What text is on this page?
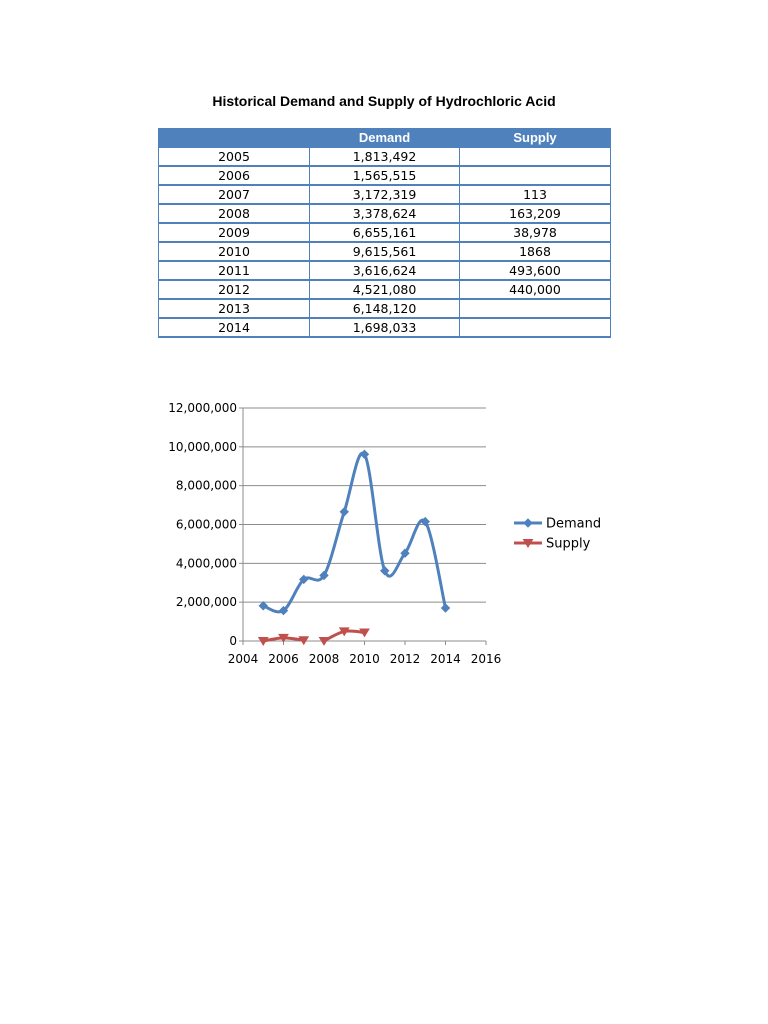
Historical Demand and Supply of Hydrochloric Acid
	Demand	Supply
2005	1,813,492	
2006	1,565,515	
2007	3,172,319	113
2008	3,378,624	163,209
2009	6,655,161	38,978
2010	9,615,561	1868
2011	3,616,624	493,600
2012	4,521,080	440,000
2013	6,148,120	
2014	1,698,033	
0
2,000,000
4,000,000
6,000,000
8,000,000
10,000,000
12,000,000
2004 2006 2008 2010 2012 2014 2016
Demand
Supply
